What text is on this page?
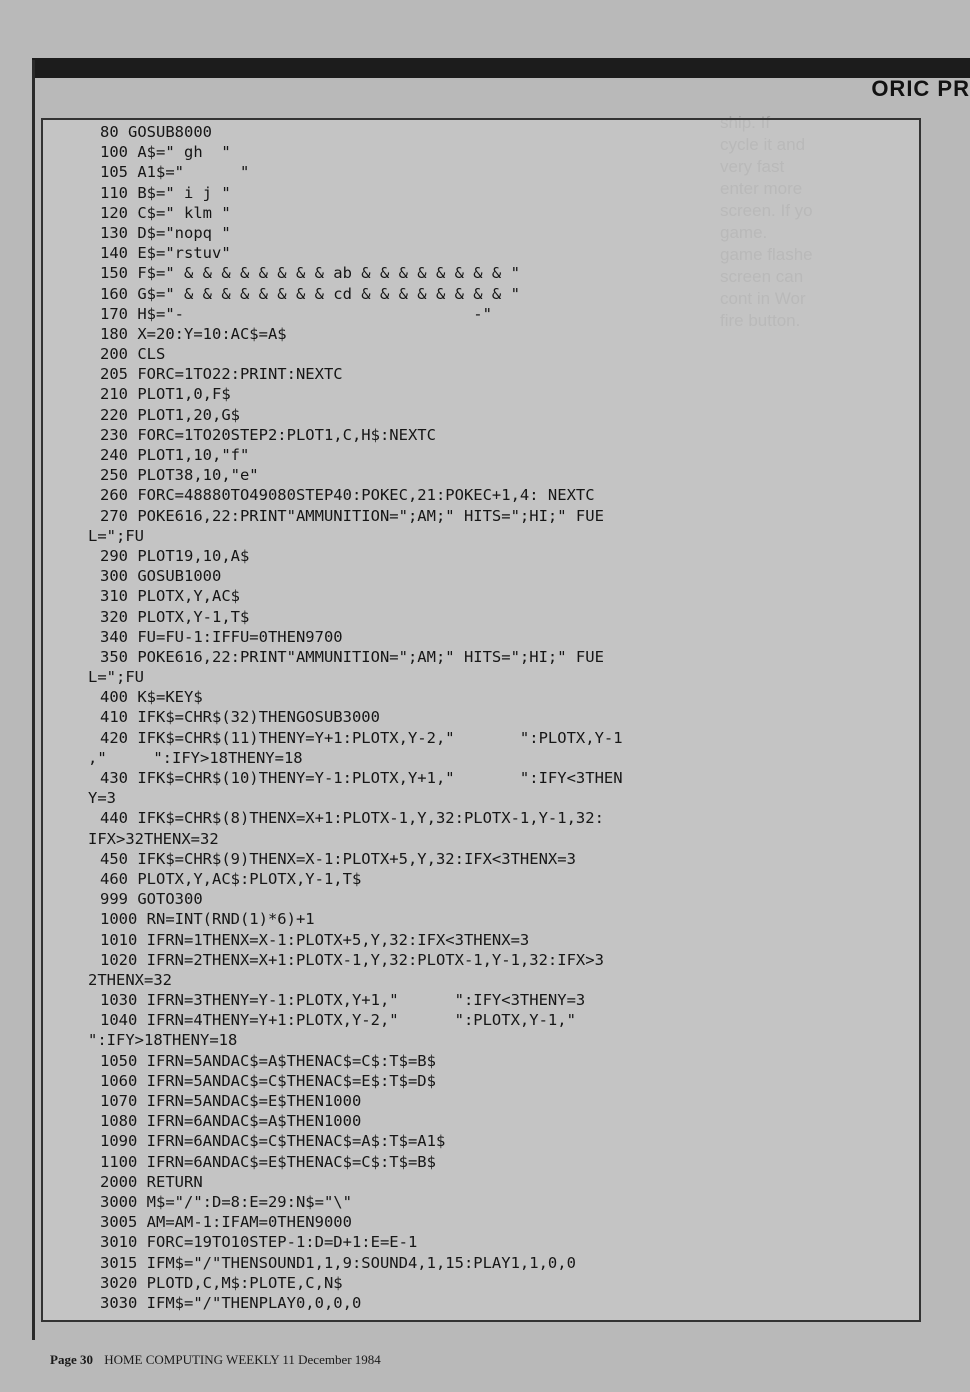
ORIC PR
80 GOSUB8000
100 A$=" gh  "
105 A1$="      "
110 B$=" i j "
120 C$=" klm "
130 D$="nopq "
140 E$="rstuv"
150 F$=" & & & & & & & & ab & & & & & & & & "
160 G$=" & & & & & & & & cd & & & & & & & & "
170 H$="-                               -"
180 X=20:Y=10:AC$=A$
200 CLS
205 FORC=1TO22:PRINT:NEXTC
210 PLOT1,0,F$
220 PLOT1,20,G$
230 FORC=1TO20STEP2:PLOT1,C,H$:NEXTC
240 PLOT1,10,"f"
250 PLOT38,10,"e"
260 FORC=48880TO49080STEP40:POKEC,21:POKEC+1,4: NEXTC
270 POKE616,22:PRINT"AMMUNITION=";AM;" HITS=";HI;" FUE
L=";FU
290 PLOT19,10,A$
300 GOSUB1000
310 PLOTX,Y,AC$
320 PLOTX,Y-1,T$
340 FU=FU-1:IFFU=0THEN9700
350 POKE616,22:PRINT"AMMUNITION=";AM;" HITS=";HI;" FUE
L=";FU
400 K$=KEY$
410 IFK$=CHR$(32)THENGOSUB3000
420 IFK$=CHR$(11)THENY=Y+1:PLOTX,Y-2,"       ":PLOTX,Y-1
,"     ":IFY>18THENY=18
430 IFK$=CHR$(10)THENY=Y-1:PLOTX,Y+1,"       ":IFY<3THEN
Y=3
440 IFK$=CHR$(8)THENX=X+1:PLOTX-1,Y,32:PLOTX-1,Y-1,32:
IFX>32THENX=32
450 IFK$=CHR$(9)THENX=X-1:PLOTX+5,Y,32:IFX<3THENX=3
460 PLOTX,Y,AC$:PLOTX,Y-1,T$
999 GOTO300
1000 RN=INT(RND(1)*6)+1
1010 IFRN=1THENX=X-1:PLOTX+5,Y,32:IFX<3THENX=3
1020 IFRN=2THENX=X+1:PLOTX-1,Y,32:PLOTX-1,Y-1,32:IFX>3
2THENX=32
1030 IFRN=3THENY=Y-1:PLOTX,Y+1,"      ":IFY<3THENY=3
1040 IFRN=4THENY=Y+1:PLOTX,Y-2,"      ":PLOTX,Y-1,"
":IFY>18THENY=18
1050 IFRN=5ANDAC$=A$THENAC$=C$:T$=B$
1060 IFRN=5ANDAC$=C$THENAC$=E$:T$=D$
1070 IFRN=5ANDAC$=E$THEN1000
1080 IFRN=6ANDAC$=A$THEN1000
1090 IFRN=6ANDAC$=C$THENAC$=A$:T$=A1$
1100 IFRN=6ANDAC$=E$THENAC$=C$:T$=B$
2000 RETURN
3000 M$="/":D=8:E=29:N$="\"
3005 AM=AM-1:IFAM=0THEN9000
3010 FORC=19TO10STEP-1:D=D+1:E=E-1
3015 IFM$="/"THENSOUND1,1,9:SOUND4,1,15:PLAY1,1,0,0
3020 PLOTD,C,M$:PLOTE,C,N$
3030 IFM$="/"THENPLAY0,0,0,0
Page 30 HOME COMPUTING WEEKLY 11 December 1984
